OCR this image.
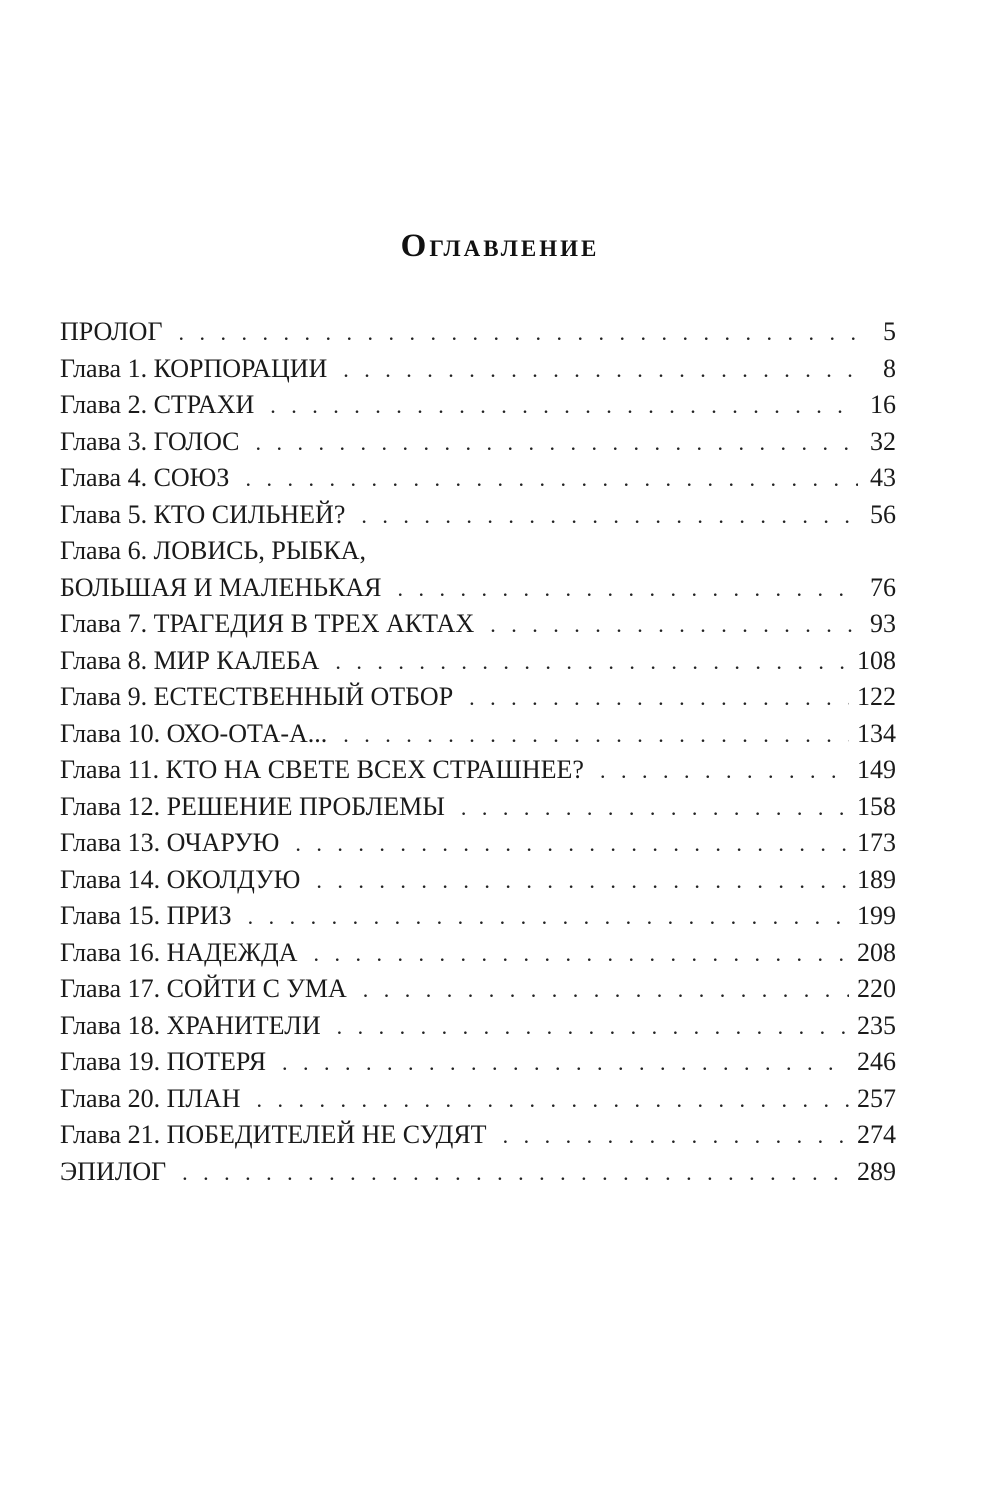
Оглавление
ПРОЛОГ . . .	5
Глава 1. КОРПОРАЦИИ . . .	8
Глава 2. СТРАХИ . . .	16
Глава 3. ГОЛОС . . .	32
Глава 4. СОЮЗ . . .	43
Глава 5. КТО СИЛЬНЕЙ? . . .	56
Глава 6. ЛОВИСЬ, РЫБКА,
БОЛЬШАЯ И МАЛЕНЬКАЯ . . .	76
Глава 7. ТРАГЕДИЯ В ТРЕХ АКТАХ . . .	93
Глава 8. МИР КАЛЕБА . . .	108
Глава 9. ЕСТЕСТВЕННЫЙ ОТБОР . . .	122
Глава 10. ОХО-ОТА-А... . . .	134
Глава 11. КТО НА СВЕТЕ ВСЕХ СТРАШНЕЕ? . . .	149
Глава 12. РЕШЕНИЕ ПРОБЛЕМЫ . . .	158
Глава 13. ОЧАРУЮ . . .	173
Глава 14. ОКОЛДУЮ . . .	189
Глава 15. ПРИЗ . . .	199
Глава 16. НАДЕЖДА . . .	208
Глава 17. СОЙТИ С УМА . . .	220
Глава 18. ХРАНИТЕЛИ . . .	235
Глава 19. ПОТЕРЯ . . .	246
Глава 20. ПЛАН . . .	257
Глава 21. ПОБЕДИТЕЛЕЙ НЕ СУДЯТ . . .	274
ЭПИЛОГ . . .	289
